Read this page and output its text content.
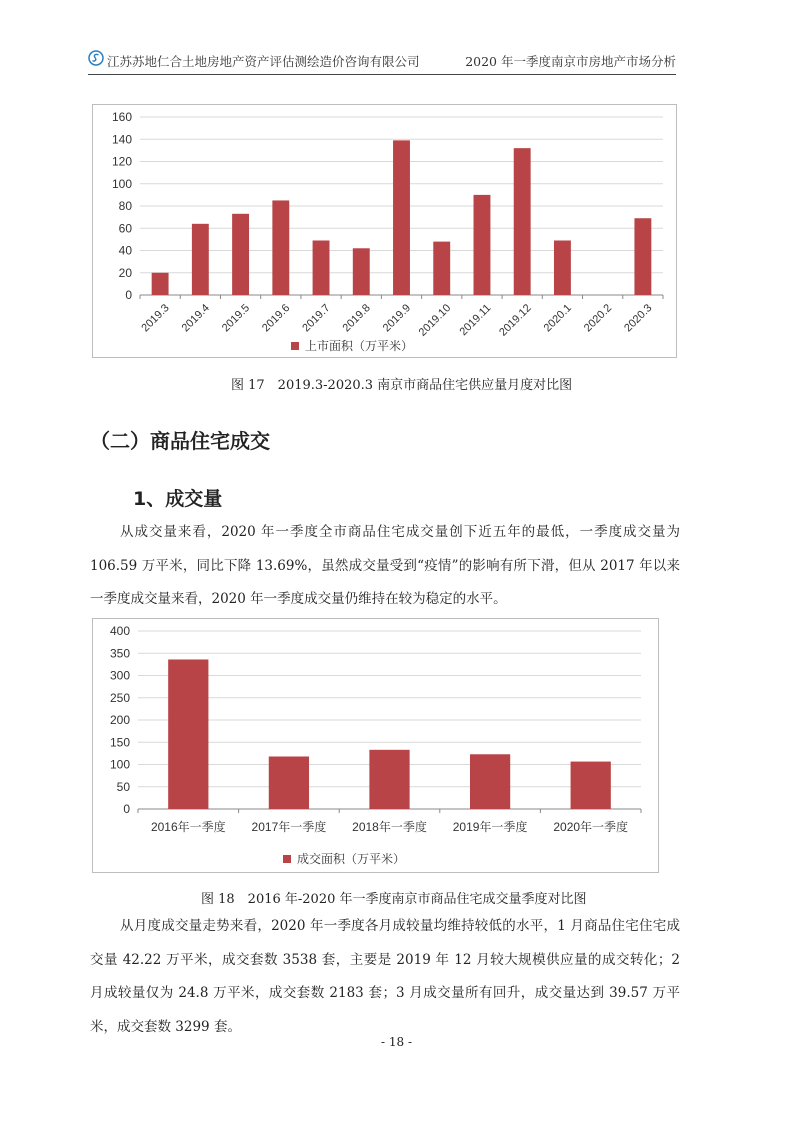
江苏苏地仁合土地房地产资产评估测绘造价咨询有限公司	2020 年一季度南京市房地产市场分析
0
20
40
60
80
100
120
140
160
2019.3 2019.4 2019.5 2019.6 2019.7 2019.8 2019.9 2019.10 2019.11 2019.12 2020.1 2020.2 2020.3
上市面积（万平米）
图 17　2019.3-2020.3 南京市商品住宅供应量月度对比图
（二）商品住宅成交
1、成交量
从成交量来看，2020 年一季度全市商品住宅成交量创下近五年的最低，一季度成交量为 106.59 万平米，同比下降 13.69%，虽然成交量受到“疫情”的影响有所下滑，但从 2017 年以来一季度成交量来看，2020 年一季度成交量仍维持在较为稳定的水平。
0
50
100
150
200
250
300
350
400
2016年一季度 2017年一季度 2018年一季度 2019年一季度 2020年一季度
成交面积（万平米）
图 18　2016 年-2020 年一季度南京市商品住宅成交量季度对比图
从月度成交量走势来看，2020 年一季度各月成较量均维持较低的水平，1 月商品住宅住宅成交量 42.22 万平米，成交套数 3538 套，主要是 2019 年 12 月较大规模供应量的成交转化；2 月成较量仅为 24.8 万平米，成交套数 2183 套；3 月成交量所有回升，成交量达到 39.57 万平米，成交套数 3299 套。
- 18 -
